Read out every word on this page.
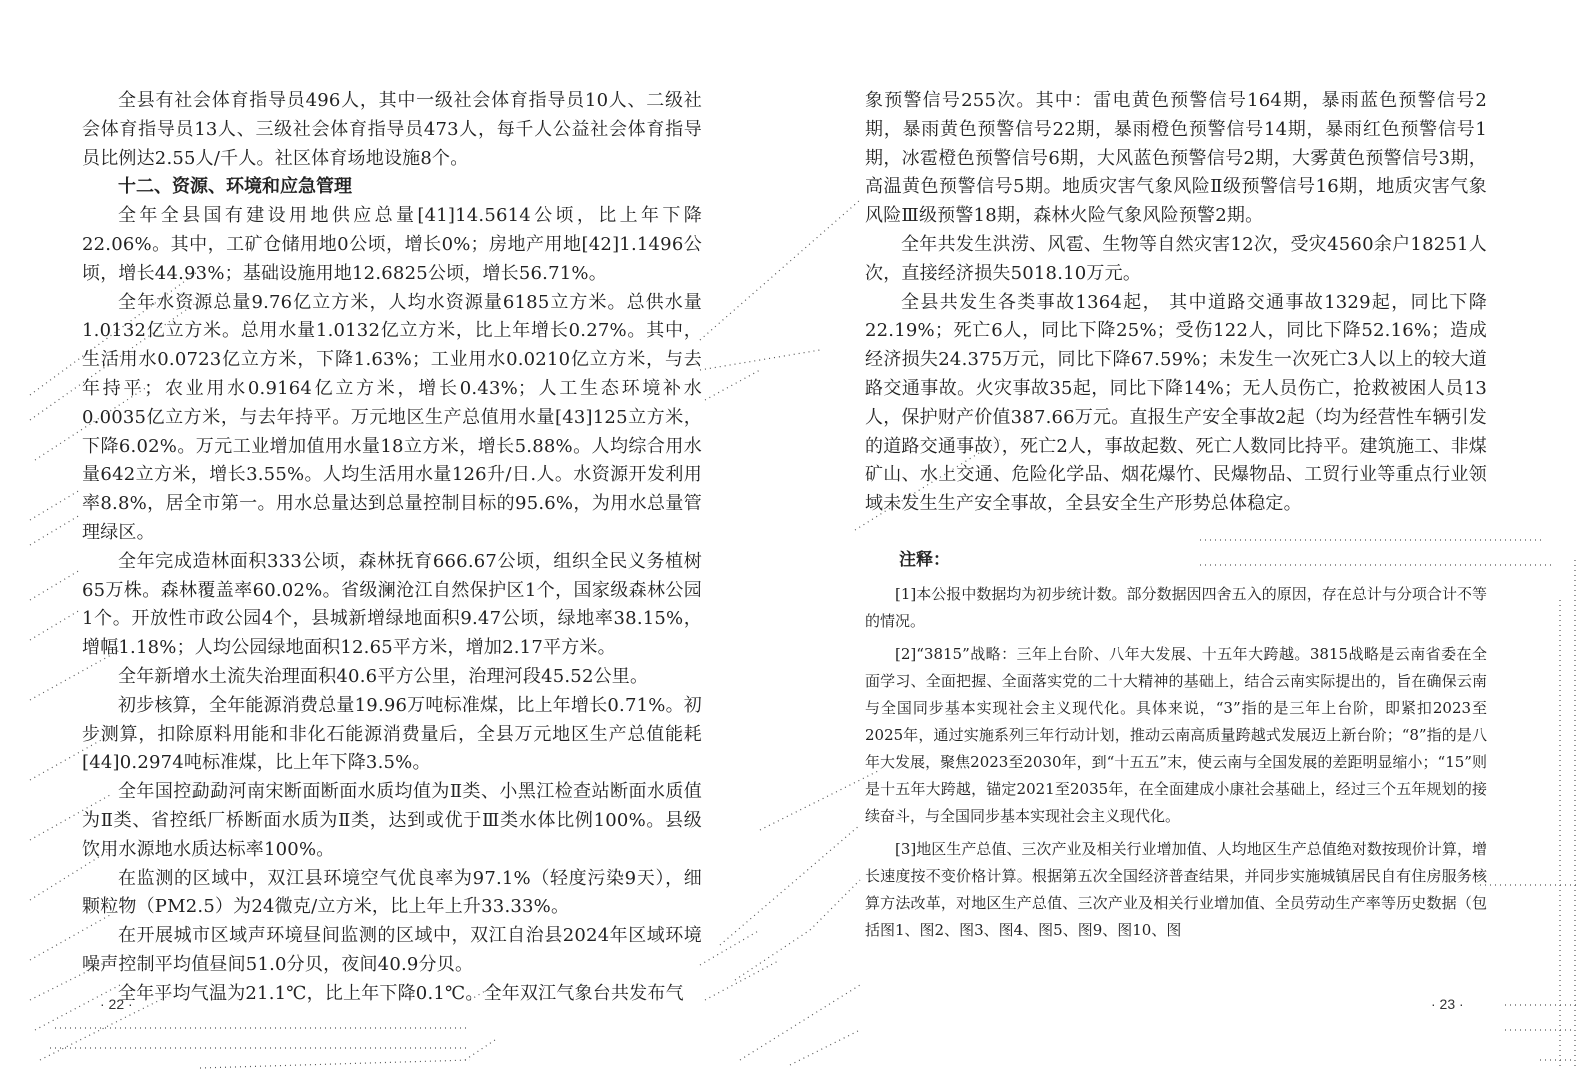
全县有社会体育指导员496人，其中一级社会体育指导员10人、二级社会体育指导员13人、三级社会体育指导员473人，每千人公益社会体育指导员比例达2.55人/千人。社区体育场地设施8个。

十二、资源、环境和应急管理

全年全县国有建设用地供应总量[41]14.5614公顷，比上年下降22.06%。其中，工矿仓储用地0公顷，增长0%；房地产用地[42]1.1496公顷，增长44.93%；基础设施用地12.6825公顷，增长56.71%。

全年水资源总量9.76亿立方米，人均水资源量6185立方米。总供水量1.0132亿立方米。总用水量1.0132亿立方米，比上年增长0.27%。其中，生活用水0.0723亿立方米，下降1.63%；工业用水0.0210亿立方米，与去年持平；农业用水0.9164亿立方米，增长0.43%；人工生态环境补水0.0035亿立方米，与去年持平。万元地区生产总值用水量[43]125立方米，下降6.02%。万元工业增加值用水量18立方米，增长5.88%。人均综合用水量642立方米，增长3.55%。人均生活用水量126升/日.人。水资源开发利用率8.8%，居全市第一。用水总量达到总量控制目标的95.6%，为用水总量管理绿区。

全年完成造林面积333公顷，森林抚育666.67公顷，组织全民义务植树65万株。森林覆盖率60.02%。省级澜沧江自然保护区1个，国家级森林公园1个。开放性市政公园4个，县城新增绿地面积9.47公顷，绿地率38.15%，增幅1.18%；人均公园绿地面积12.65平方米，增加2.17平方米。

全年新增水土流失治理面积40.6平方公里，治理河段45.52公里。

初步核算，全年能源消费总量19.96万吨标准煤，比上年增长0.71%。初步测算，扣除原料用能和非化石能源消费量后，全县万元地区生产总值能耗[44]0.2974吨标准煤，比上年下降3.5%。

全年国控勐勐河南宋断面断面水质均值为Ⅱ类、小黑江检查站断面水质值为Ⅱ类、省控纸厂桥断面水质为Ⅱ类，达到或优于Ⅲ类水体比例100%。县级饮用水源地水质达标率100%。

在监测的区域中，双江县环境空气优良率为97.1%（轻度污染9天），细颗粒物（PM2.5）为24微克/立方米，比上年上升33.33%。

在开展城市区域声环境昼间监测的区域中，双江自治县2024年区域环境噪声控制平均值昼间51.0分贝，夜间40.9分贝。

全年平均气温为21.1℃，比上年下降0.1℃。全年双江气象台共发布气

· 22 ·

象预警信号255次。其中：雷电黄色预警信号164期，暴雨蓝色预警信号2期，暴雨黄色预警信号22期，暴雨橙色预警信号14期，暴雨红色预警信号1期，冰雹橙色预警信号6期，大风蓝色预警信号2期，大雾黄色预警信号3期，高温黄色预警信号5期。地质灾害气象风险Ⅱ级预警信号16期，地质灾害气象风险Ⅲ级预警18期，森林火险气象风险预警2期。

全年共发生洪涝、风雹、生物等自然灾害12次，受灾4560余户18251人次，直接经济损失5018.10万元。

全县共发生各类事故1364起， 其中道路交通事故1329起，同比下降22.19%；死亡6人，同比下降25%；受伤122人，同比下降52.16%；造成经济损失24.375万元，同比下降67.59%；未发生一次死亡3人以上的较大道路交通事故。火灾事故35起，同比下降14%；无人员伤亡，抢救被困人员13人，保护财产价值387.66万元。直报生产安全事故2起（均为经营性车辆引发的道路交通事故），死亡2人，事故起数、死亡人数同比持平。建筑施工、非煤矿山、水上交通、危险化学品、烟花爆竹、民爆物品、工贸行业等重点行业领域未发生生产安全事故，全县安全生产形势总体稳定。

注释：

[1]本公报中数据均为初步统计数。部分数据因四舍五入的原因，存在总计与分项合计不等的情况。

[2]“3815”战略：三年上台阶、八年大发展、十五年大跨越。3815战略是云南省委在全面学习、全面把握、全面落实党的二十大精神的基础上，结合云南实际提出的，旨在确保云南与全国同步基本实现社会主义现代化。具体来说，“3”指的是三年上台阶，即紧扣2023至2025年，通过实施系列三年行动计划，推动云南高质量跨越式发展迈上新台阶；“8”指的是八年大发展，聚焦2023至2030年，到“十五五”末，使云南与全国发展的差距明显缩小；“15”则是十五年大跨越，锚定2021至2035年，在全面建成小康社会基础上，经过三个五年规划的接续奋斗，与全国同步基本实现社会主义现代化。

[3]地区生产总值、三次产业及相关行业增加值、人均地区生产总值绝对数按现价计算，增长速度按不变价格计算。根据第五次全国经济普查结果，并同步实施城镇居民自有住房服务核算方法改革，对地区生产总值、三次产业及相关行业增加值、全员劳动生产率等历史数据（包括图1、图2、图3、图4、图5、图9、图10、图

· 23 ·
